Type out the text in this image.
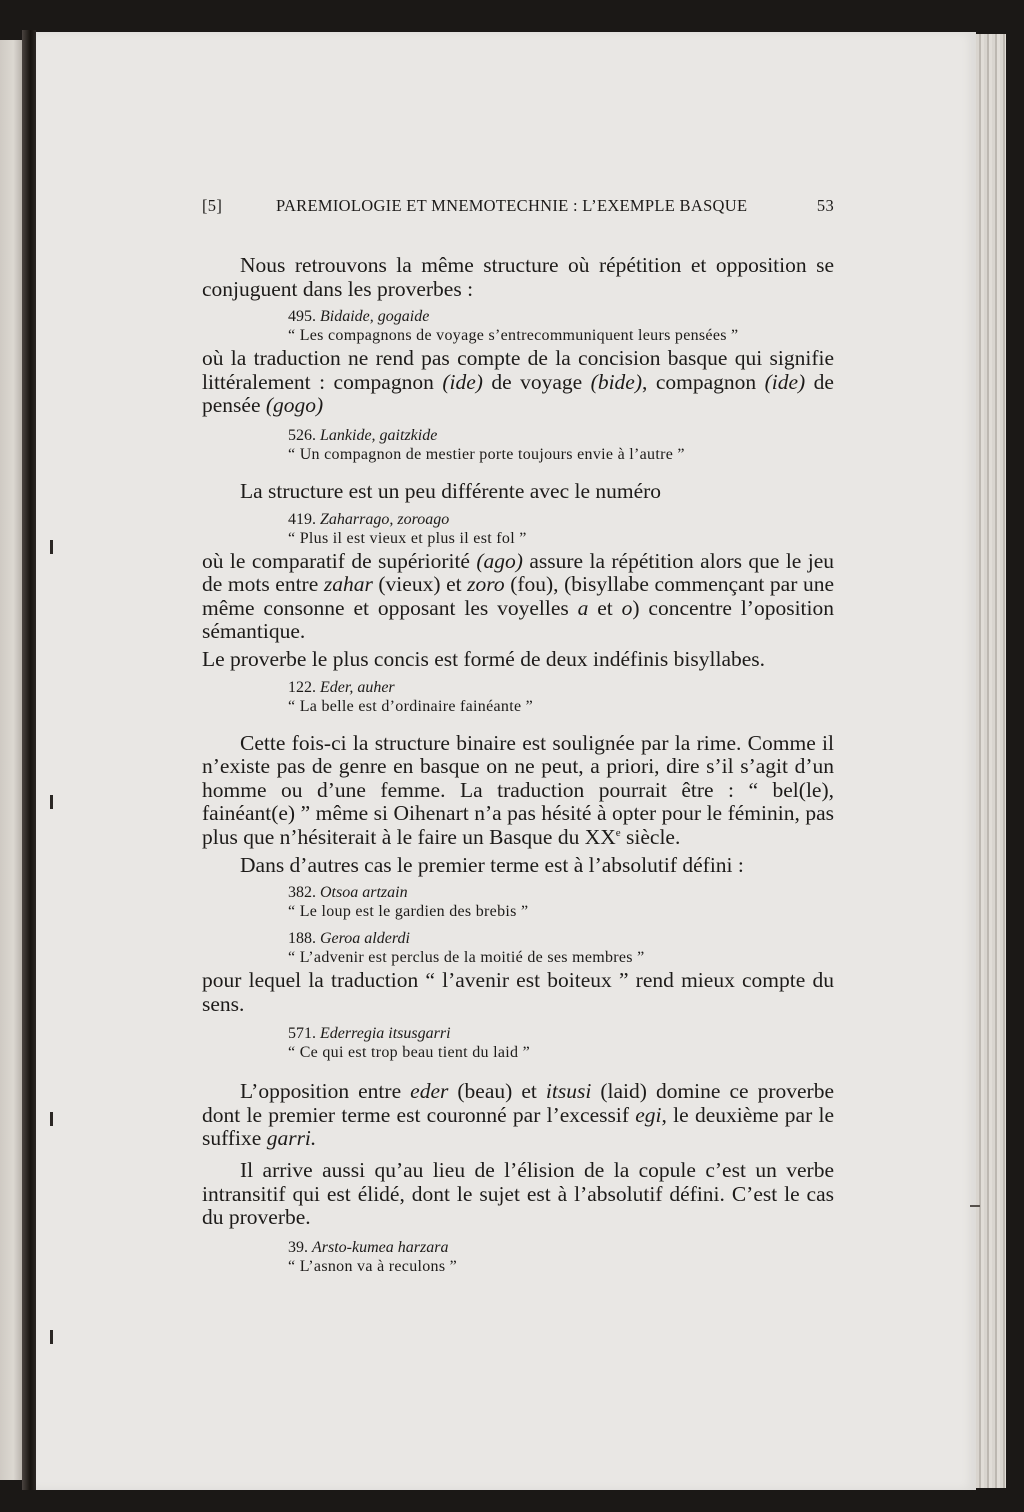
[5]	PAREMIOLOGIE ET MNEMOTECHNIE : L’EXEMPLE BASQUE	53

Nous retrouvons la même structure où répétition et opposition se conjuguent dans les proverbes :

495. Bidaide, gogaide
“ Les compagnons de voyage s’entrecommuniquent leurs pensées ”

où la traduction ne rend pas compte de la concision basque qui signifie littéralement : compagnon (ide) de voyage (bide), compagnon (ide) de pensée (gogo)

526. Lankide, gaitzkide
“ Un compagnon de mestier porte toujours envie à l’autre ”

La structure est un peu différente avec le numéro

419. Zaharrago, zoroago
“ Plus il est vieux et plus il est fol ”

où le comparatif de supériorité (ago) assure la répétition alors que le jeu de mots entre zahar (vieux) et zoro (fou), (bisyllabe commençant par une même consonne et opposant les voyelles a et o) concentre l’oposition sémantique.

Le proverbe le plus concis est formé de deux indéfinis bisyllabes.

122. Eder, auher
“ La belle est d’ordinaire fainéante ”

Cette fois-ci la structure binaire est soulignée par la rime. Comme il n’existe pas de genre en basque on ne peut, a priori, dire s’il s’agit d’un homme ou d’une femme. La traduction pourrait être : “ bel(le), fainéant(e) ” même si Oihenart n’a pas hésité à opter pour le féminin, pas plus que n’hésiterait à le faire un Basque du XXe siècle.

Dans d’autres cas le premier terme est à l’absolutif défini :

382. Otsoa artzain
“ Le loup est le gardien des brebis ”
188. Geroa alderdi
“ L’advenir est perclus de la moitié de ses membres ”

pour lequel la traduction “ l’avenir est boiteux ” rend mieux compte du sens.

571. Ederregia itsusgarri
“ Ce qui est trop beau tient du laid ”

L’opposition entre eder (beau) et itsusi (laid) domine ce proverbe dont le premier terme est couronné par l’excessif egi, le deuxième par le suffixe garri.

Il arrive aussi qu’au lieu de l’élision de la copule c’est un verbe intransitif qui est élidé, dont le sujet est à l’absolutif défini. C’est le cas du proverbe.

39. Arsto-kumea harzara
“ L’asnon va à reculons ”
